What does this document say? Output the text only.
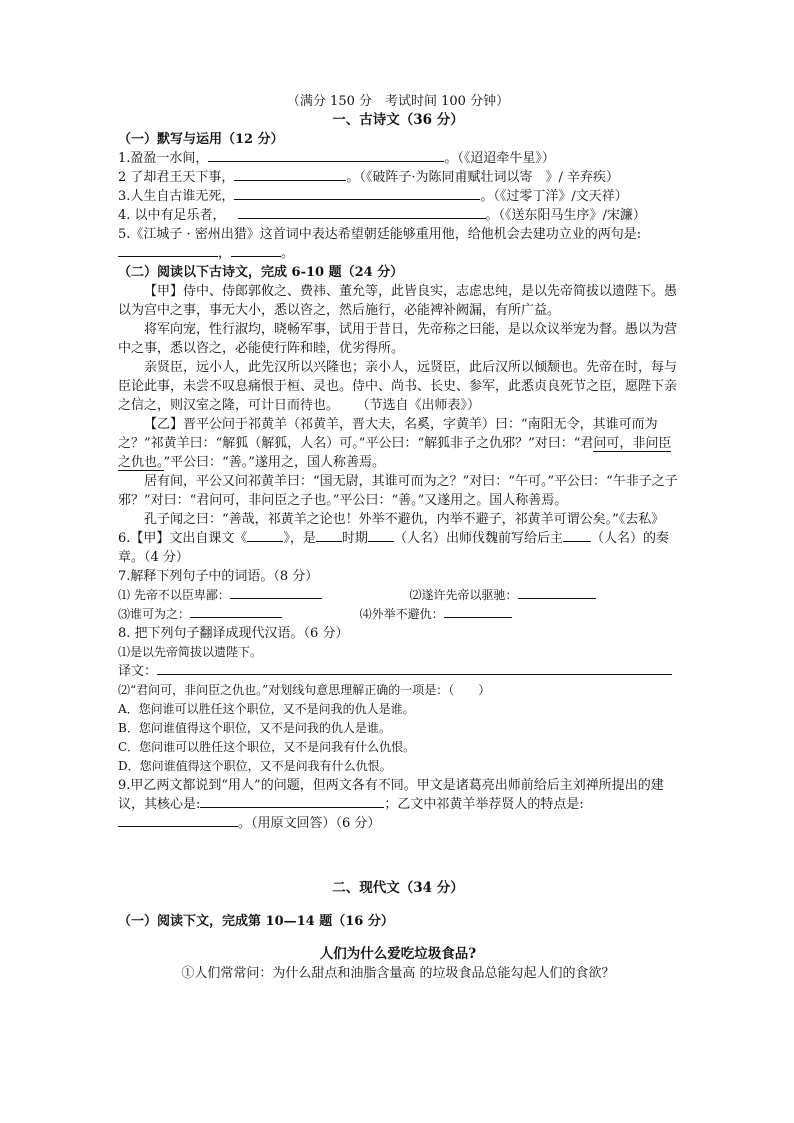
（满分 150 分　考试时间 100 分钟）
一、古诗文（36 分）
（一）默写与运用（12 分）
1.盈盈一水间，	。（《迢迢牵牛星》）
2 了却君王天下事，	。（《破阵子·为陈同甫赋壮词以寄　》/ 辛弃疾）
3.人生自古谁无死，	。（《过零丁洋》/文天祥）
4. 以中有足乐者，	。（《送东阳马生序》/宋濂）
5.《江城子 · 密州出猎》这首词中表达希望朝廷能够重用他，给他机会去建功立业的两句是:
，	。
（二）阅读以下古诗文，完成 6-10 题（24 分）
【甲】侍中、侍郎郭攸之、费祎、董允等，此皆良实，志虑忠纯，是以先帝简拔以遗陛下。愚以为宫中之事，事无大小，悉以咨之，然后施行，必能裨补阙漏，有所广益。
将军向宠，性行淑均，晓畅军事，试用于昔日，先帝称之曰能，是以众议举宠为督。愚以为营中之事，悉以咨之，必能使行阵和睦，优劣得所。
亲贤臣，远小人，此先汉所以兴隆也；亲小人，远贤臣，此后汉所以倾颓也。先帝在时，每与臣论此事，未尝不叹息痛恨于桓、灵也。侍中、尚书、长史、参军，此悉贞良死节之臣，愿陛下亲之信之，则汉室之隆，可计日而待也。 （节选自《出师表》）
【乙】晋平公问于祁黄羊（祁黄羊，晋大夫，名奚，字黄羊）曰：“南阳无令，其谁可而为之？”祁黄羊曰：“解狐（解狐，人名）可。”平公曰：“解狐非子之仇邪？”对曰：“君问可，非问臣之仇也。”平公曰：“善。”遂用之，国人称善焉。
居有间，平公又问祁黄羊曰：“国无尉，其谁可而为之？”对曰：“午可。”平公曰：“午非子之子邪？”对曰：“君问可，非问臣之子也。”平公曰：“善。”又遂用之。国人称善焉。
孔子闻之曰：“善哉，祁黄羊之论也！外举不避仇，内举不避子，祁黄羊可谓公矣。”《去私》
6.【甲】文出自课文《	》，是 时期 （人名）出师伐魏前写给后主 （人名）的奏章。（4 分）
7.解释下列句子中的词语。（8 分）
⑴ 先帝不以臣卑鄙：	⑵遂许先帝以驱驰：
⑶谁可为之：	⑷外举不避仇：
8. 把下列句子翻译成现代汉语。（6 分）
⑴是以先帝简拔以遗陛下。
译文：
⑵“君问可，非问臣之仇也。”对划线句意思理解正确的一项是：（　　）
A．您问谁可以胜任这个职位，又不是问我的仇人是谁。
B．您问谁值得这个职位，又不是问我的仇人是谁。
C．您问谁可以胜任这个职位，又不是问我有什么仇恨。
D．您问谁值得这个职位，又不是问我有什么仇恨。
9.甲乙两文都说到“用人”的问题，但两文各有不同。甲文是诸葛亮出师前给后主刘禅所提出的建议，其核心是:	；乙文中祁黄羊举荐贤人的特点是:
。（用原文回答）（6 分）
二、现代文（34 分）
（一）阅读下文，完成第 10—14 题（16 分）
人们为什么爱吃垃圾食品?
①人们常常问：为什么甜点和油脂含量高 的垃圾食品总能勾起人们的食欲？
